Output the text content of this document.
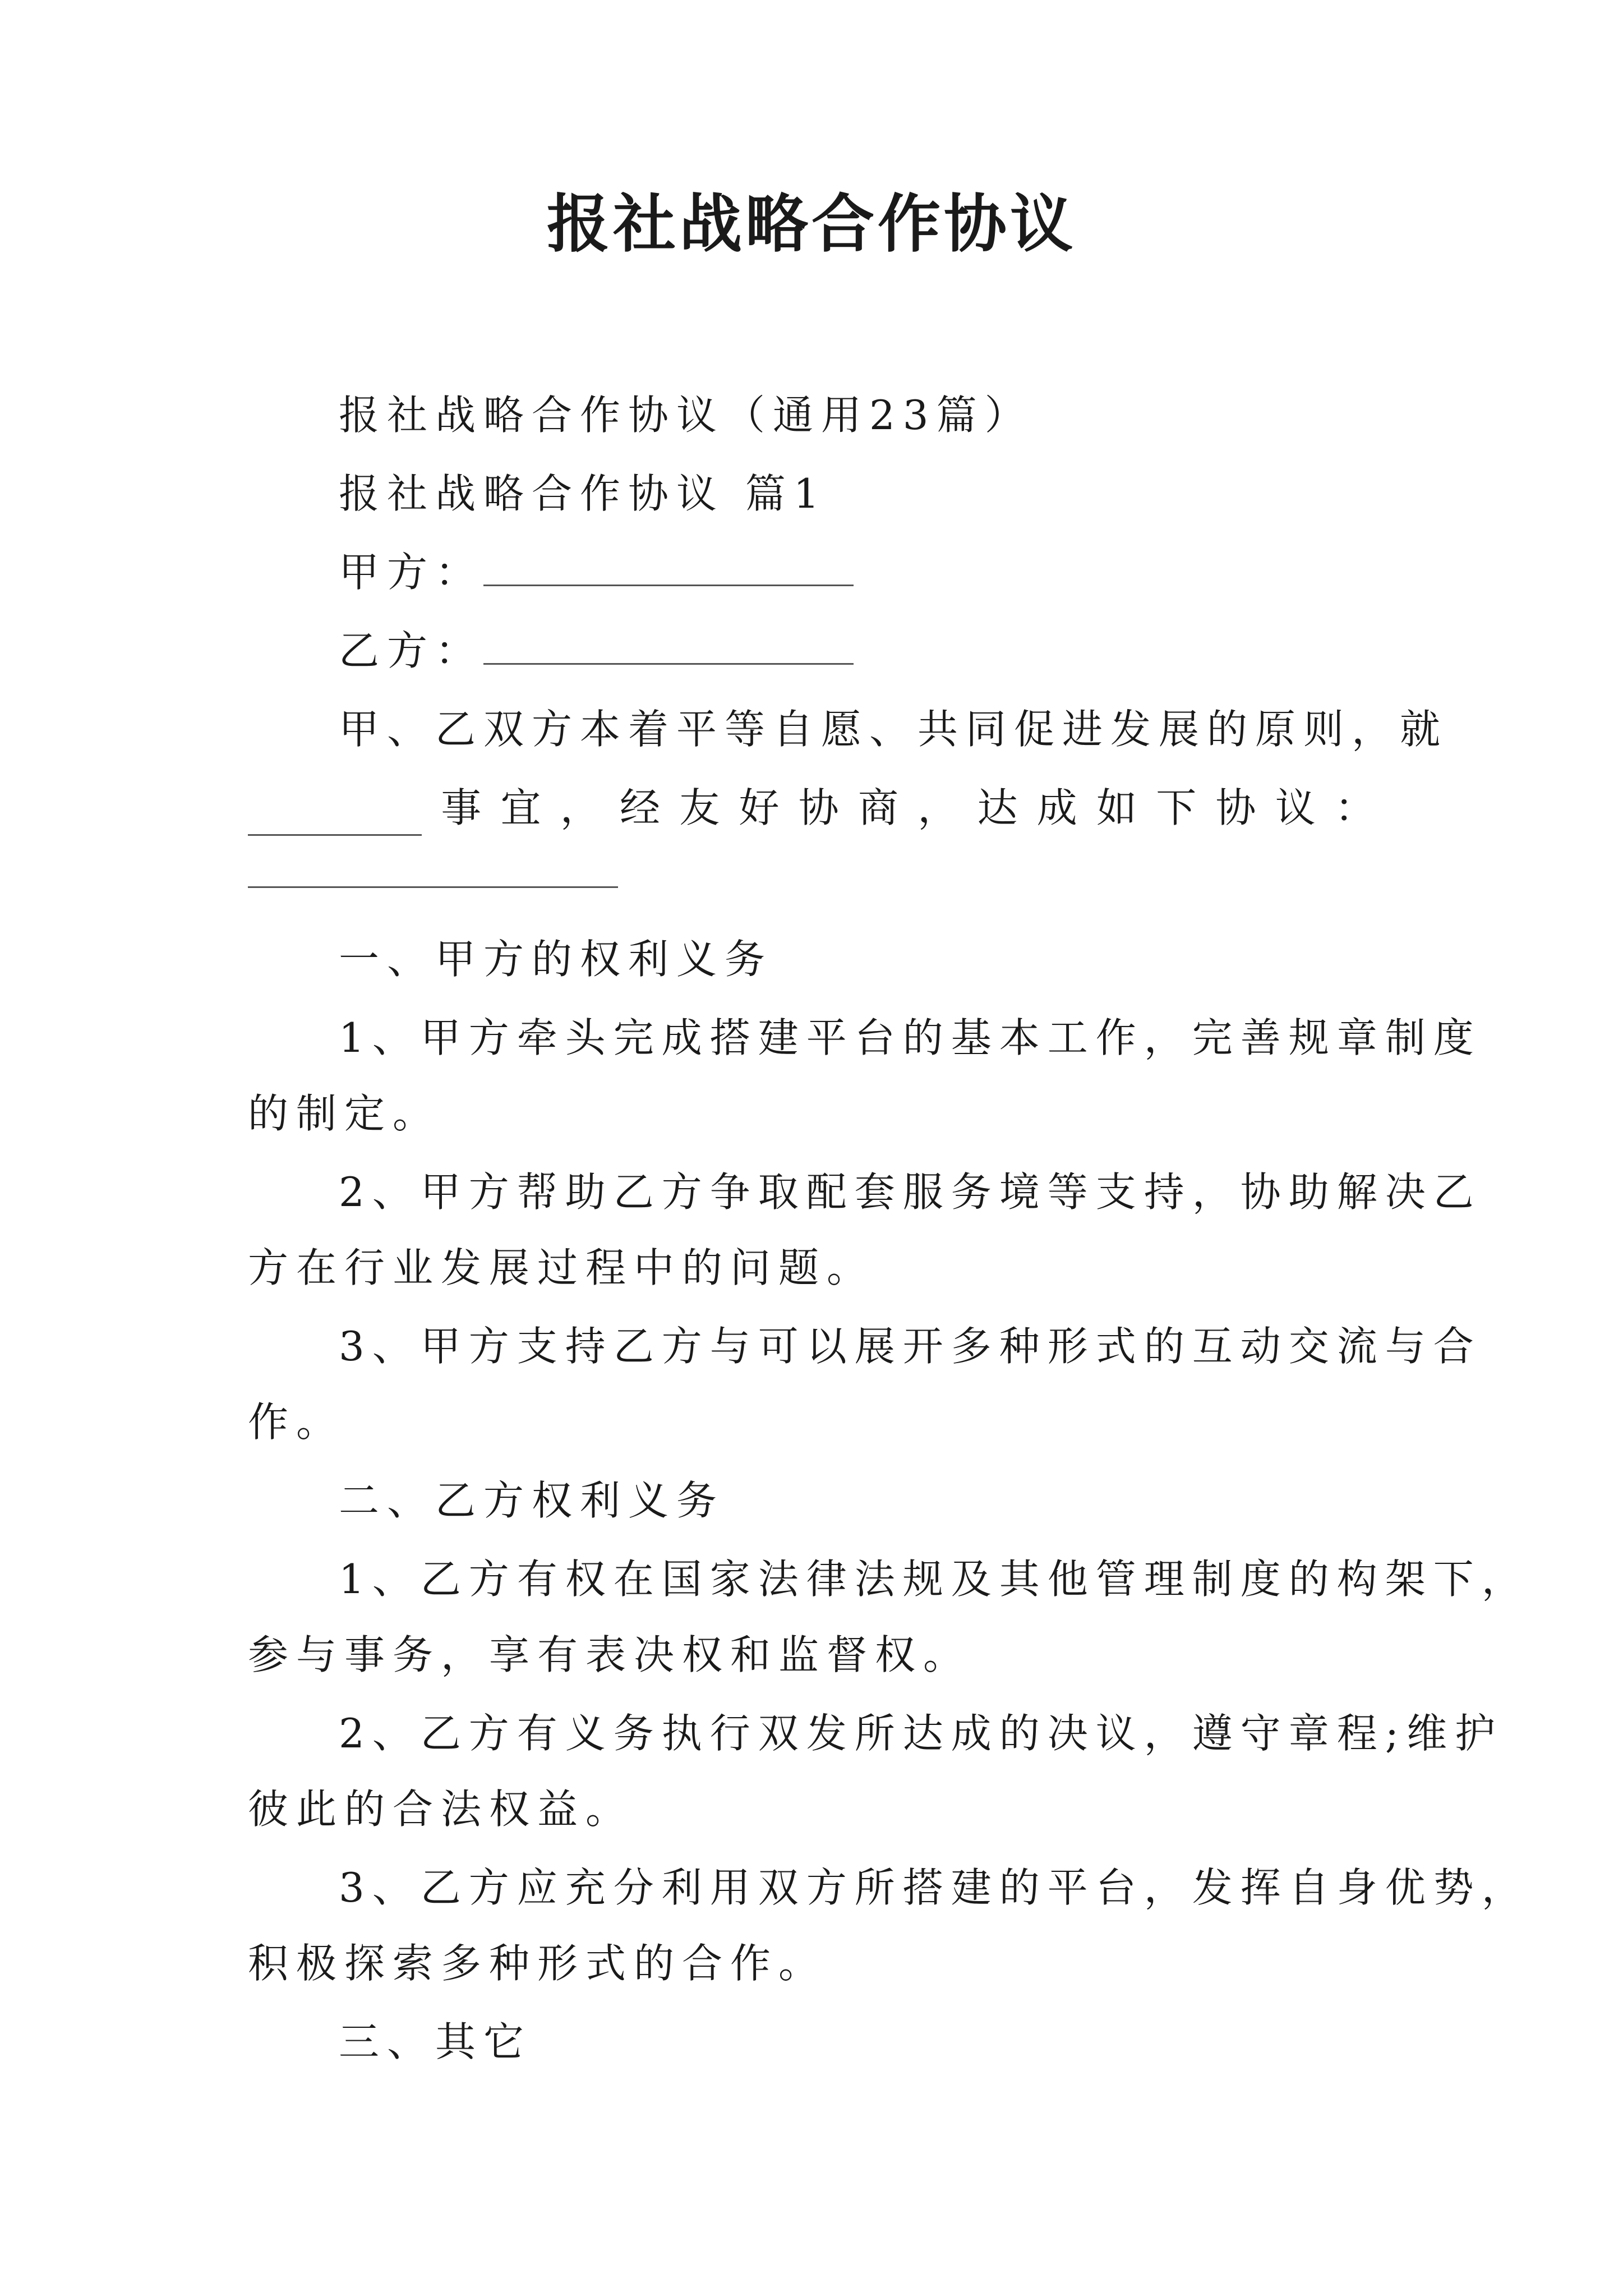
报社战略合作协议
报社战略合作协议（通用23篇）
报社战略合作协议 篇1
甲方：
乙方：
甲、乙双方本着平等自愿、共同促进发展的原则，就
事 宜 ， 经 友 好 协 商 ， 达 成 如 下 协 议 ：
一、甲方的权利义务
1、甲方牵头完成搭建平台的基本工作，完善规章制度
的制定。
2、甲方帮助乙方争取配套服务境等支持，协助解决乙
方在行业发展过程中的问题。
3、甲方支持乙方与可以展开多种形式的互动交流与合
作。
二、乙方权利义务
1、乙方有权在国家法律法规及其他管理制度的构架下，
参与事务，享有表决权和监督权。
2、乙方有义务执行双发所达成的决议，遵守章程;维护
彼此的合法权益。
3、乙方应充分利用双方所搭建的平台，发挥自身优势，
积极探索多种形式的合作。
三、其它
